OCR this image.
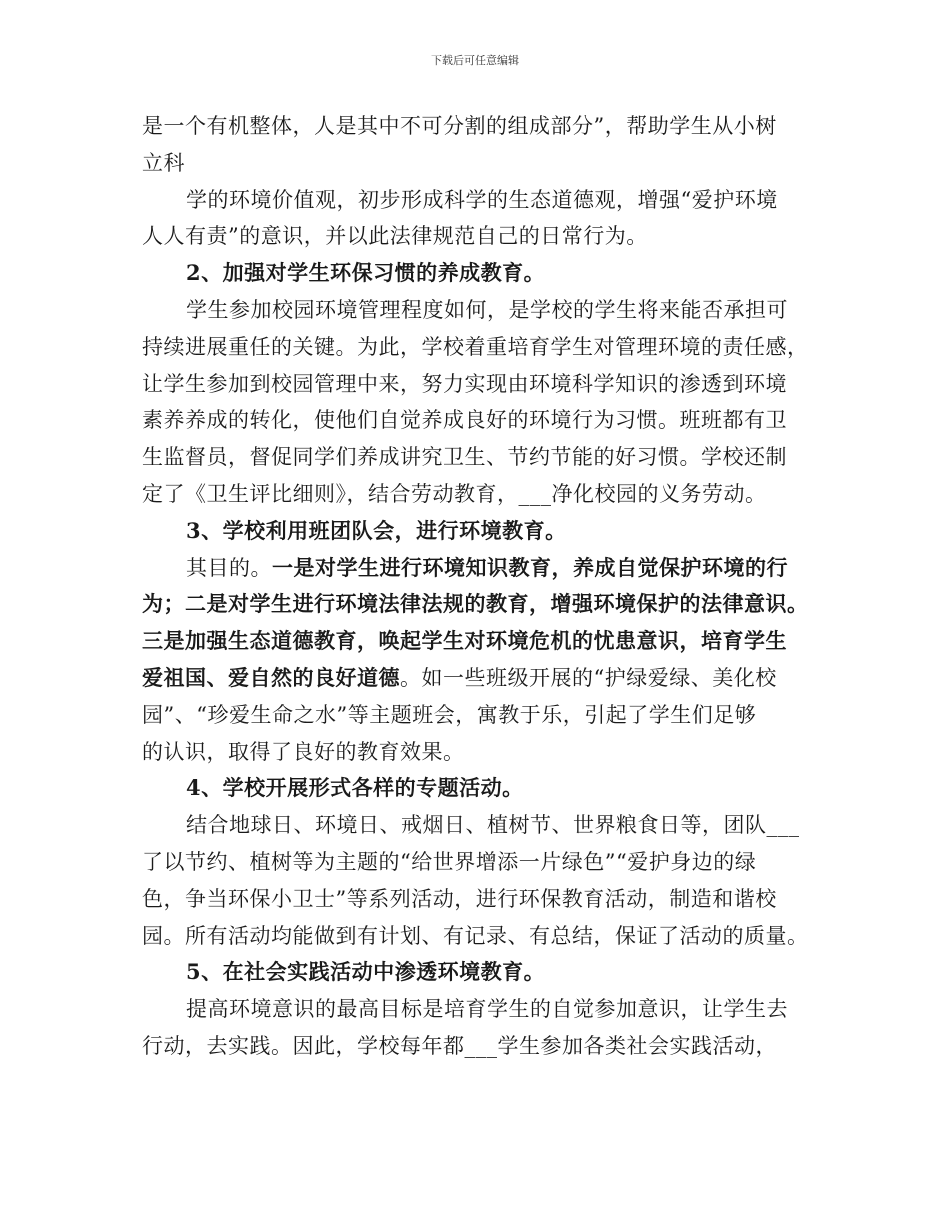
下载后可任意编辑
是一个有机整体，人是其中不可分割的组成部分”，帮助学生从小树
立科
学的环境价值观，初步形成科学的生态道德观，增强“爱护环境
人人有责”的意识，并以此法律规范自己的日常行为。
2、加强对学生环保习惯的养成教育。
学生参加校园环境管理程度如何，是学校的学生将来能否承担可
持续进展重任的关键。为此，学校着重培育学生对管理环境的责任感，
让学生参加到校园管理中来，努力实现由环境科学知识的渗透到环境
素养养成的转化，使他们自觉养成良好的环境行为习惯。班班都有卫
生监督员，督促同学们养成讲究卫生、节约节能的好习惯。学校还制
定了《卫生评比细则》，结合劳动教育，___净化校园的义务劳动。
3、学校利用班团队会，进行环境教育。
其目的。一是对学生进行环境知识教育，养成自觉保护环境的行
为；二是对学生进行环境法律法规的教育，增强环境保护的法律意识。
三是加强生态道德教育，唤起学生对环境危机的忧患意识，培育学生
爱祖国、爱自然的良好道德。如一些班级开展的“护绿爱绿、美化校
园”、“珍爱生命之水”等主题班会，寓教于乐，引起了学生们足够
的认识，取得了良好的教育效果。
4、学校开展形式各样的专题活动。
结合地球日、环境日、戒烟日、植树节、世界粮食日等，团队___
了以节约、植树等为主题的“给世界增添一片绿色”“爱护身边的绿
色，争当环保小卫士”等系列活动，进行环保教育活动，制造和谐校
园。所有活动均能做到有计划、有记录、有总结，保证了活动的质量。
5、在社会实践活动中渗透环境教育。
提高环境意识的最高目标是培育学生的自觉参加意识，让学生去
行动，去实践。因此，学校每年都___学生参加各类社会实践活动，
